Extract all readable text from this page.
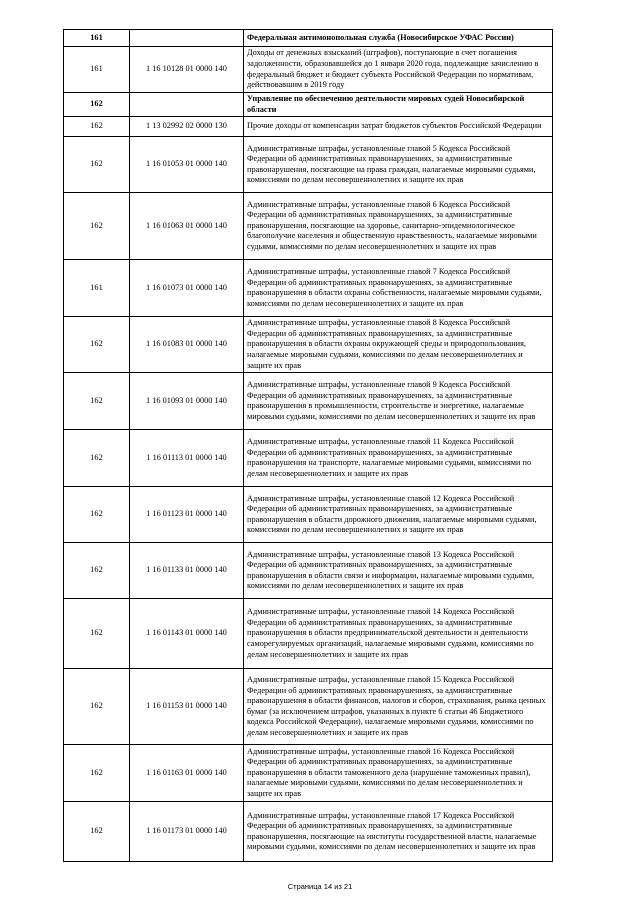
161		Федеральная антимонопольная служба (Новосибирское УФАС России)
161	1 16 10128 01 0000 140	Доходы от денежных взысканий (штрафов), поступающие в счет погашения задолженности, образовавшейся до 1 января 2020 года, подлежащие зачислению в федеральный бюджет и бюджет субъекта Российской Федерации по нормативам, действовавшим в 2019 году
162		Управление по обеспечению деятельности мировых судей Новосибирской области
162	1 13 02992 02 0000 130	Прочие доходы от компенсации затрат бюджетов субъектов Российской Федерации
162	1 16 01053 01 0000 140	Административные штрафы, установленные главой 5 Кодекса Российской Федерации об административных правонарушениях, за административные правонарушения, посягающие на права граждан, налагаемые мировыми судьями, комиссиями по делам несовершеннолетних и защите их прав
162	1 16 01063 01 0000 140	Административные штрафы, установленные главой 6 Кодекса Российской Федерации об административных правонарушениях, за административные правонарушения, посягающие на здоровье, санитарно-эпидемиологическое благополучие населения и общественную нравственность, налагаемые мировыми судьями, комиссиями по делам несовершеннолетних и защите их прав
161	1 16 01073 01 0000 140	Административные штрафы, установленные главой 7 Кодекса Российской Федерации об административных правонарушениях, за административные правонарушения в области охраны собственности, налагаемые мировыми судьями, комиссиями по делам несовершеннолетних и защите их прав
162	1 16 01083 01 0000 140	Административные штрафы, установленные главой 8 Кодекса Российской Федерации об административных правонарушениях, за административные правонарушения в области охраны окружающей среды и природопользования, налагаемые мировыми судьями, комиссиями по делам несовершеннолетних и защите их прав
162	1 16 01093 01 0000 140	Административные штрафы, установленные главой 9 Кодекса Российской Федерации об административных правонарушениях, за административные правонарушения в промышленности, строительстве и энергетике, налагаемые мировыми судьями, комиссиями по делам несовершеннолетних и защите их прав
162	1 16 01113 01 0000 140	Административные штрафы, установленные главой 11 Кодекса Российской Федерации об административных правонарушениях, за административные правонарушения на транспорте, налагаемые мировыми судьями, комиссиями по делам несовершеннолетних и защите их прав
162	1 16 01123 01 0000 140	Административные штрафы, установленные главой 12 Кодекса Российской Федерации об административных правонарушениях, за административные правонарушения в области дорожного движения, налагаемые мировыми судьями, комиссиями по делам несовершеннолетних и защите их прав
162	1 16 01133 01 0000 140	Административные штрафы, установленные главой 13 Кодекса Российской Федерации об административных правонарушениях, за административные правонарушения в области связи и информации, налагаемые мировыми судьями, комиссиями по делам несовершеннолетних и защите их прав
162	1 16 01143 01 0000 140	Административные штрафы, установленные главой 14 Кодекса Российской Федерации об административных правонарушениях, за административные правонарушения в области предпринимательской деятельности и деятельности саморегулируемых организаций, налагаемые мировыми судьями, комиссиями по делам несовершеннолетних и защите их прав
162	1 16 01153 01 0000 140	Административные штрафы, установленные главой 15 Кодекса Российской Федерации об административных правонарушениях, за административные правонарушения в области финансов, налогов и сборов, страхования, рынка ценных бумаг (за исключением штрафов, указанных в пункте 6 статьи 46 Бюджетного кодекса Российской Федерации), налагаемые мировыми судьями, комиссиями по делам несовершеннолетних и защите их прав
162	1 16 01163 01 0000 140	Административные штрафы, установленные главой 16 Кодекса Российской Федерации об административных правонарушениях, за административные правонарушения в области таможенного дела (нарушение таможенных правил), налагаемые мировыми судьями, комиссиями по делам несовершеннолетних и защите их прав
162	1 16 01173 01 0000 140	Административные штрафы, установленные главой 17 Кодекса Российской Федерации об административных правонарушениях, за административные правонарушения, посягающие на институты государственной власти, налагаемые мировыми судьями, комиссиями по делам несовершеннолетних и защите их прав
Страница 14 из 21
